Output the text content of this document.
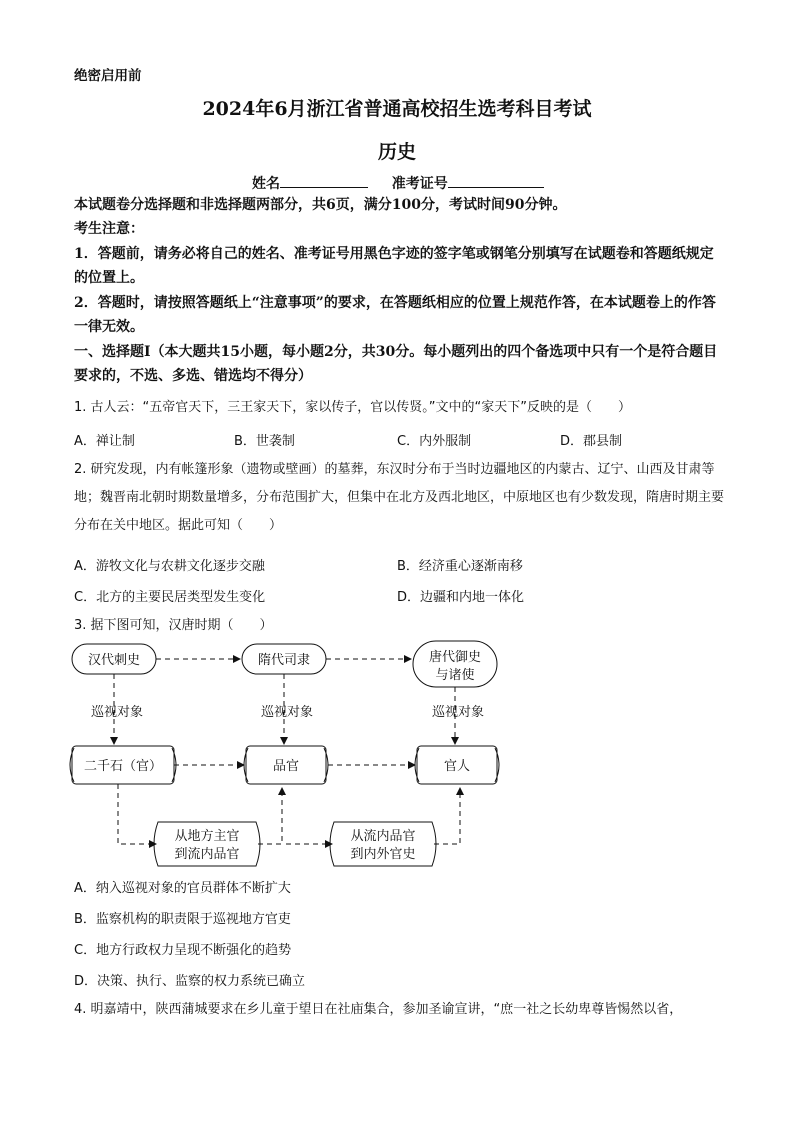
绝密启用前
2024年6月浙江省普通高校招生选考科目考试
历史
姓名	准考证号
本试题卷分选择题和非选择题两部分，共6页，满分100分，考试时间90分钟。
考生注意：
1．答题前，请务必将自己的姓名、准考证号用黑色字迹的签字笔或钢笔分别填写在试题卷和答题纸规定的位置上。
2．答题时，请按照答题纸上“注意事项”的要求，在答题纸相应的位置上规范作答，在本试题卷上的作答一律无效。
一、选择题Ⅰ（本大题共15小题，每小题2分，共30分。每小题列出的四个备选项中只有一个是符合题目要求的，不选、多选、错选均不得分）
1. 古人云：“五帝官天下，三王家天下，家以传子，官以传贤。”文中的“家天下”反映的是（　　）
A．禅让制	B．世袭制	C．内外服制	D．郡县制
2. 研究发现，内有帐篷形象（遗物或壁画）的墓葬，东汉时分布于当时边疆地区的内蒙古、辽宁、山西及甘肃等地；魏晋南北朝时期数量增多，分布范围扩大，但集中在北方及西北地区，中原地区也有少数发现，隋唐时期主要分布在关中地区。据此可知（　　）
A．游牧文化与农耕文化逐步交融	B．经济重心逐渐南移
C．北方的主要民居类型发生变化	D．边疆和内地一体化
3. 据下图可知，汉唐时期（　　）
汉代刺史	隋代司隶	唐代御史
与诸使
巡视对象	巡视对象	巡视对象
二千石（官）	品官	官人
从地方主官
到流内品官
从流内品官
到内外官史
A．纳入巡视对象的官员群体不断扩大
B．监察机构的职责限于巡视地方官吏
C．地方行政权力呈现不断强化的趋势
D．决策、执行、监察的权力系统已确立
4. 明嘉靖中，陕西蒲城要求在乡儿童于望日在社庙集合，参加圣谕宣讲，“庶一社之长幼卑尊皆惕然以省，
